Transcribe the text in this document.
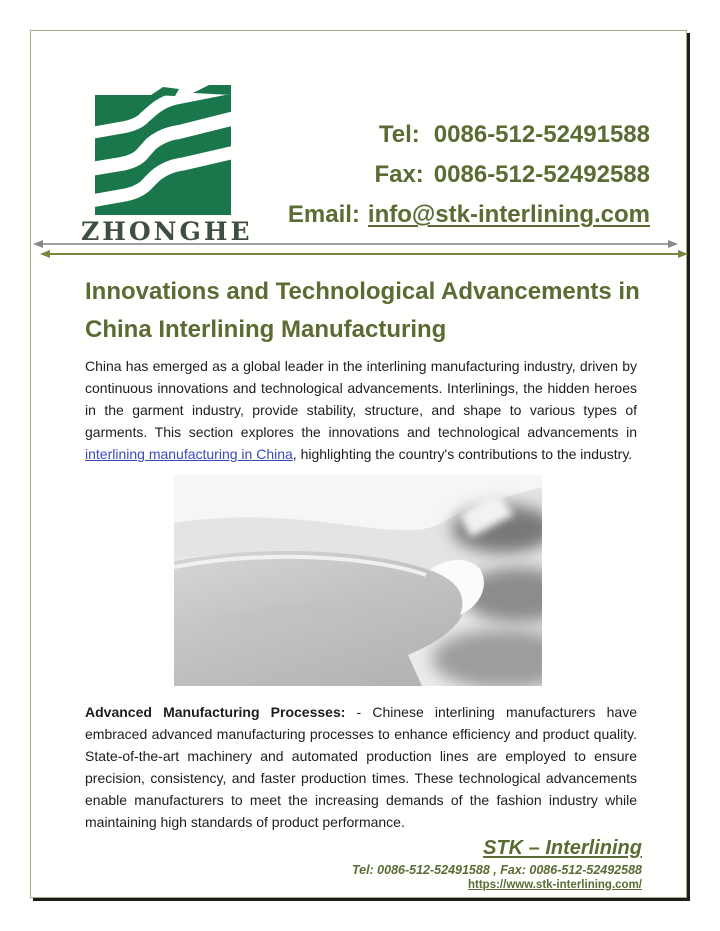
ZHONGHE
Tel: 0086-512-52491588
Fax: 0086-512-52492588
Email: info@stk-interlining.com
Innovations and Technological Advancements in China Interlining Manufacturing

China has emerged as a global leader in the interlining manufacturing industry, driven by continuous innovations and technological advancements. Interlinings, the hidden heroes in the garment industry, provide stability, structure, and shape to various types of garments. This section explores the innovations and technological advancements in interlining manufacturing in China, highlighting the country's contributions to the industry.

Advanced Manufacturing Processes: - Chinese interlining manufacturers have embraced advanced manufacturing processes to enhance efficiency and product quality. State-of-the-art machinery and automated production lines are employed to ensure precision, consistency, and faster production times. These technological advancements enable manufacturers to meet the increasing demands of the fashion industry while maintaining high standards of product performance.

STK – Interlining
Tel: 0086-512-52491588 , Fax: 0086-512-52492588
https://www.stk-interlining.com/
